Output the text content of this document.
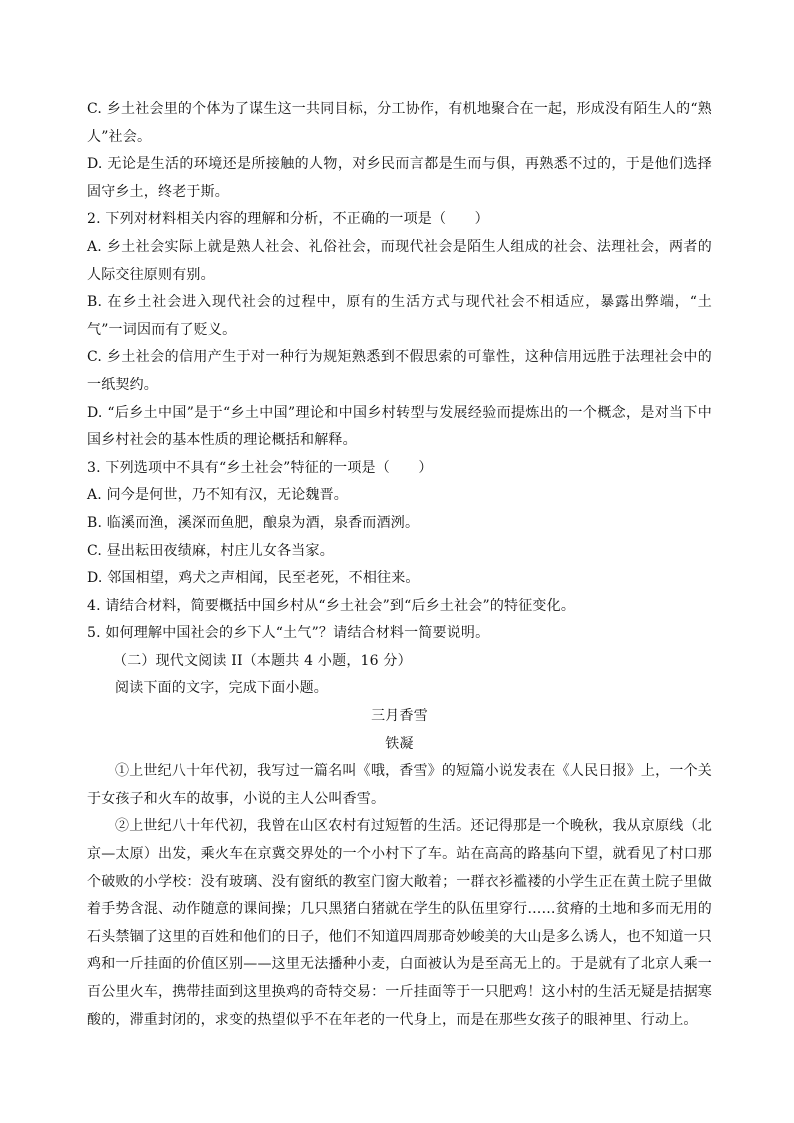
C. 乡土社会里的个体为了谋生这一共同目标，分工协作，有机地聚合在一起，形成没有陌生人的“熟人”社会。

D. 无论是生活的环境还是所接触的人物，对乡民而言都是生而与俱，再熟悉不过的，于是他们选择固守乡土，终老于斯。

2. 下列对材料相关内容的理解和分析，不正确的一项是（　　）

A. 乡土社会实际上就是熟人社会、礼俗社会，而现代社会是陌生人组成的社会、法理社会，两者的人际交往原则有别。

B. 在乡土社会进入现代社会的过程中，原有的生活方式与现代社会不相适应，暴露出弊端，“土气”一词因而有了贬义。

C. 乡土社会的信用产生于对一种行为规矩熟悉到不假思索的可靠性，这种信用远胜于法理社会中的一纸契约。

D. “后乡土中国”是于“乡土中国”理论和中国乡村转型与发展经验而提炼出的一个概念，是对当下中国乡村社会的基本性质的理论概括和解释。

3. 下列选项中不具有“乡土社会”特征的一项是（　　）

A. 问今是何世，乃不知有汉，无论魏晋。

B. 临溪而渔，溪深而鱼肥，酿泉为酒，泉香而酒洌。

C. 昼出耘田夜绩麻，村庄儿女各当家。

D. 邻国相望，鸡犬之声相闻，民至老死，不相往来。

4. 请结合材料，简要概括中国乡村从“乡土社会”到“后乡土社会”的特征变化。

5. 如何理解中国社会的乡下人“土气”？请结合材料一简要说明。

（二）现代文阅读 II（本题共 4 小题，16 分）

阅读下面的文字，完成下面小题。

三月香雪

铁凝

①上世纪八十年代初，我写过一篇名叫《哦，香雪》的短篇小说发表在《人民日报》上，一个关于女孩子和火车的故事，小说的主人公叫香雪。

②上世纪八十年代初，我曾在山区农村有过短暂的生活。还记得那是一个晚秋，我从京原线（北京—太原）出发，乘火车在京冀交界处的一个小村下了车。站在高高的路基向下望，就看见了村口那个破败的小学校：没有玻璃、没有窗纸的教室门窗大敞着；一群衣衫褴褛的小学生正在黄土院子里做着手势含混、动作随意的课间操；几只黑猪白猪就在学生的队伍里穿行……贫瘠的土地和多而无用的石头禁锢了这里的百姓和他们的日子，他们不知道四周那奇妙峻美的大山是多么诱人，也不知道一只鸡和一斤挂面的价值区别——这里无法播种小麦，白面被认为是至高无上的。于是就有了北京人乘一百公里火车，携带挂面到这里换鸡的奇特交易：一斤挂面等于一只肥鸡！这小村的生活无疑是拮据寒酸的，滞重封闭的，求变的热望似乎不在年老的一代身上，而是在那些女孩子的眼神里、行动上。
